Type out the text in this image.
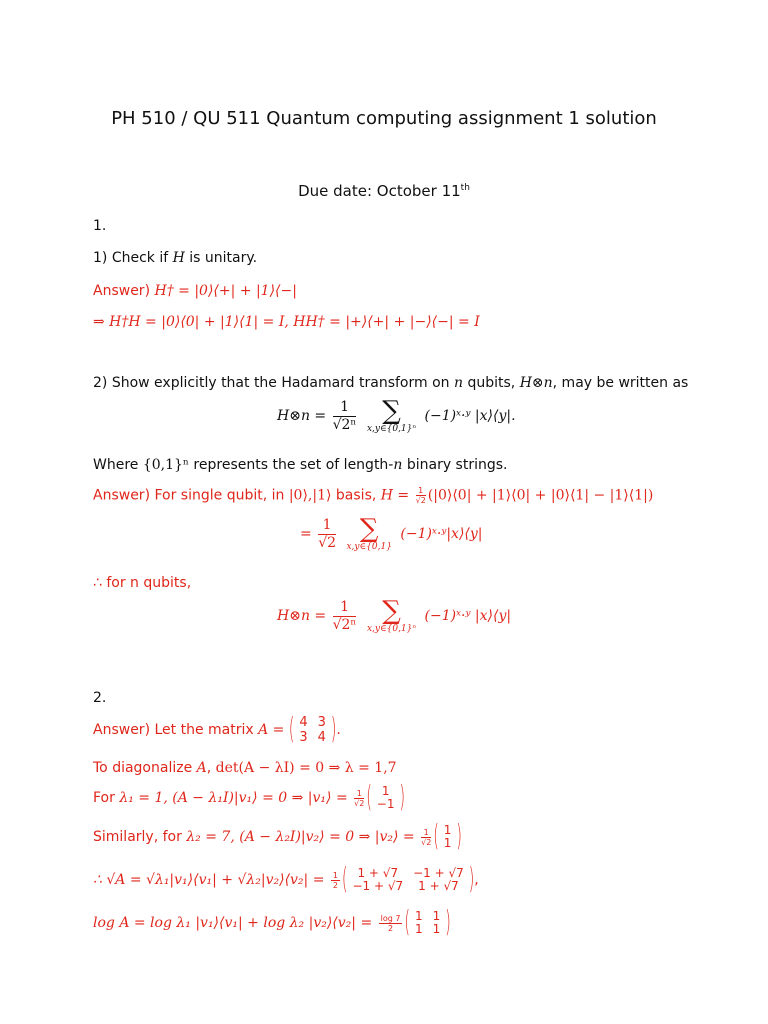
PH 510 / QU 511 Quantum computing assignment 1 solution
Due date: October 11th
1.
1) Check if H is unitary.
Answer) H† = |0⟩⟨+| + |1⟩⟨−|
⇒ H†H = |0⟩⟨0| + |1⟩⟨1| = I, HH† = |+⟩⟨+| + |−⟩⟨−| = I
2) Show explicitly that the Hadamard transform on n qubits, H⊗n, may be written as
H⊗n = $\frac{1}{\text{√2ⁿ}}$
∑
x,y∈{0,1}ⁿ
(−1)ˣ·ʸ |x⟩⟨y|.
Where {0,1}ⁿ represents the set of length-n binary strings.
Answer) For single qubit, in |0⟩,|1⟩ basis, $H = \frac{1}{√2}$ (|0⟩⟨0| + |1⟩⟨0| + |0⟩⟨1| − |1⟩⟨1|)
= $\frac{1}{√2}$
∑
x,y∈{0,1}
(−1)ˣ·ʸ|x⟩⟨y|
∴ for n qubits,
H⊗n = $\frac{1}{\text{√2ⁿ}}$
∑
x,y∈{0,1}ⁿ
(−1)ˣ·ʸ |x⟩⟨y|
2.
Answer) Let the matrix A = ( 4	3
3	4 ).
To diagonalize A, det(A − λI) = 0 ⇒ λ = 1,7
For λ₁ = 1, (A − λ₁I)|v₁⟩ = 0 ⇒ |v₁⟩ = $\frac{1}{√2}$ ( 1
−1 )
Similarly, for λ₂ = 7, (A − λ₂I)|v₂⟩ = 0 ⇒ |v₂⟩ = $\frac{1}{√2}$ ( 1
1 )
∴ √A = √λ₁|v₁⟩⟨v₁| + √λ₂|v₂⟩⟨v₂| = $\frac{1}{2}$ ( 1 + √7	−1 + √7
−1 + √7	1 + √7 ),
log A = log λ₁ |v₁⟩⟨v₁| + log λ₂ |v₂⟩⟨v₂| = $\frac{\log 7}{2}$ ( 1	1
1	1 )
